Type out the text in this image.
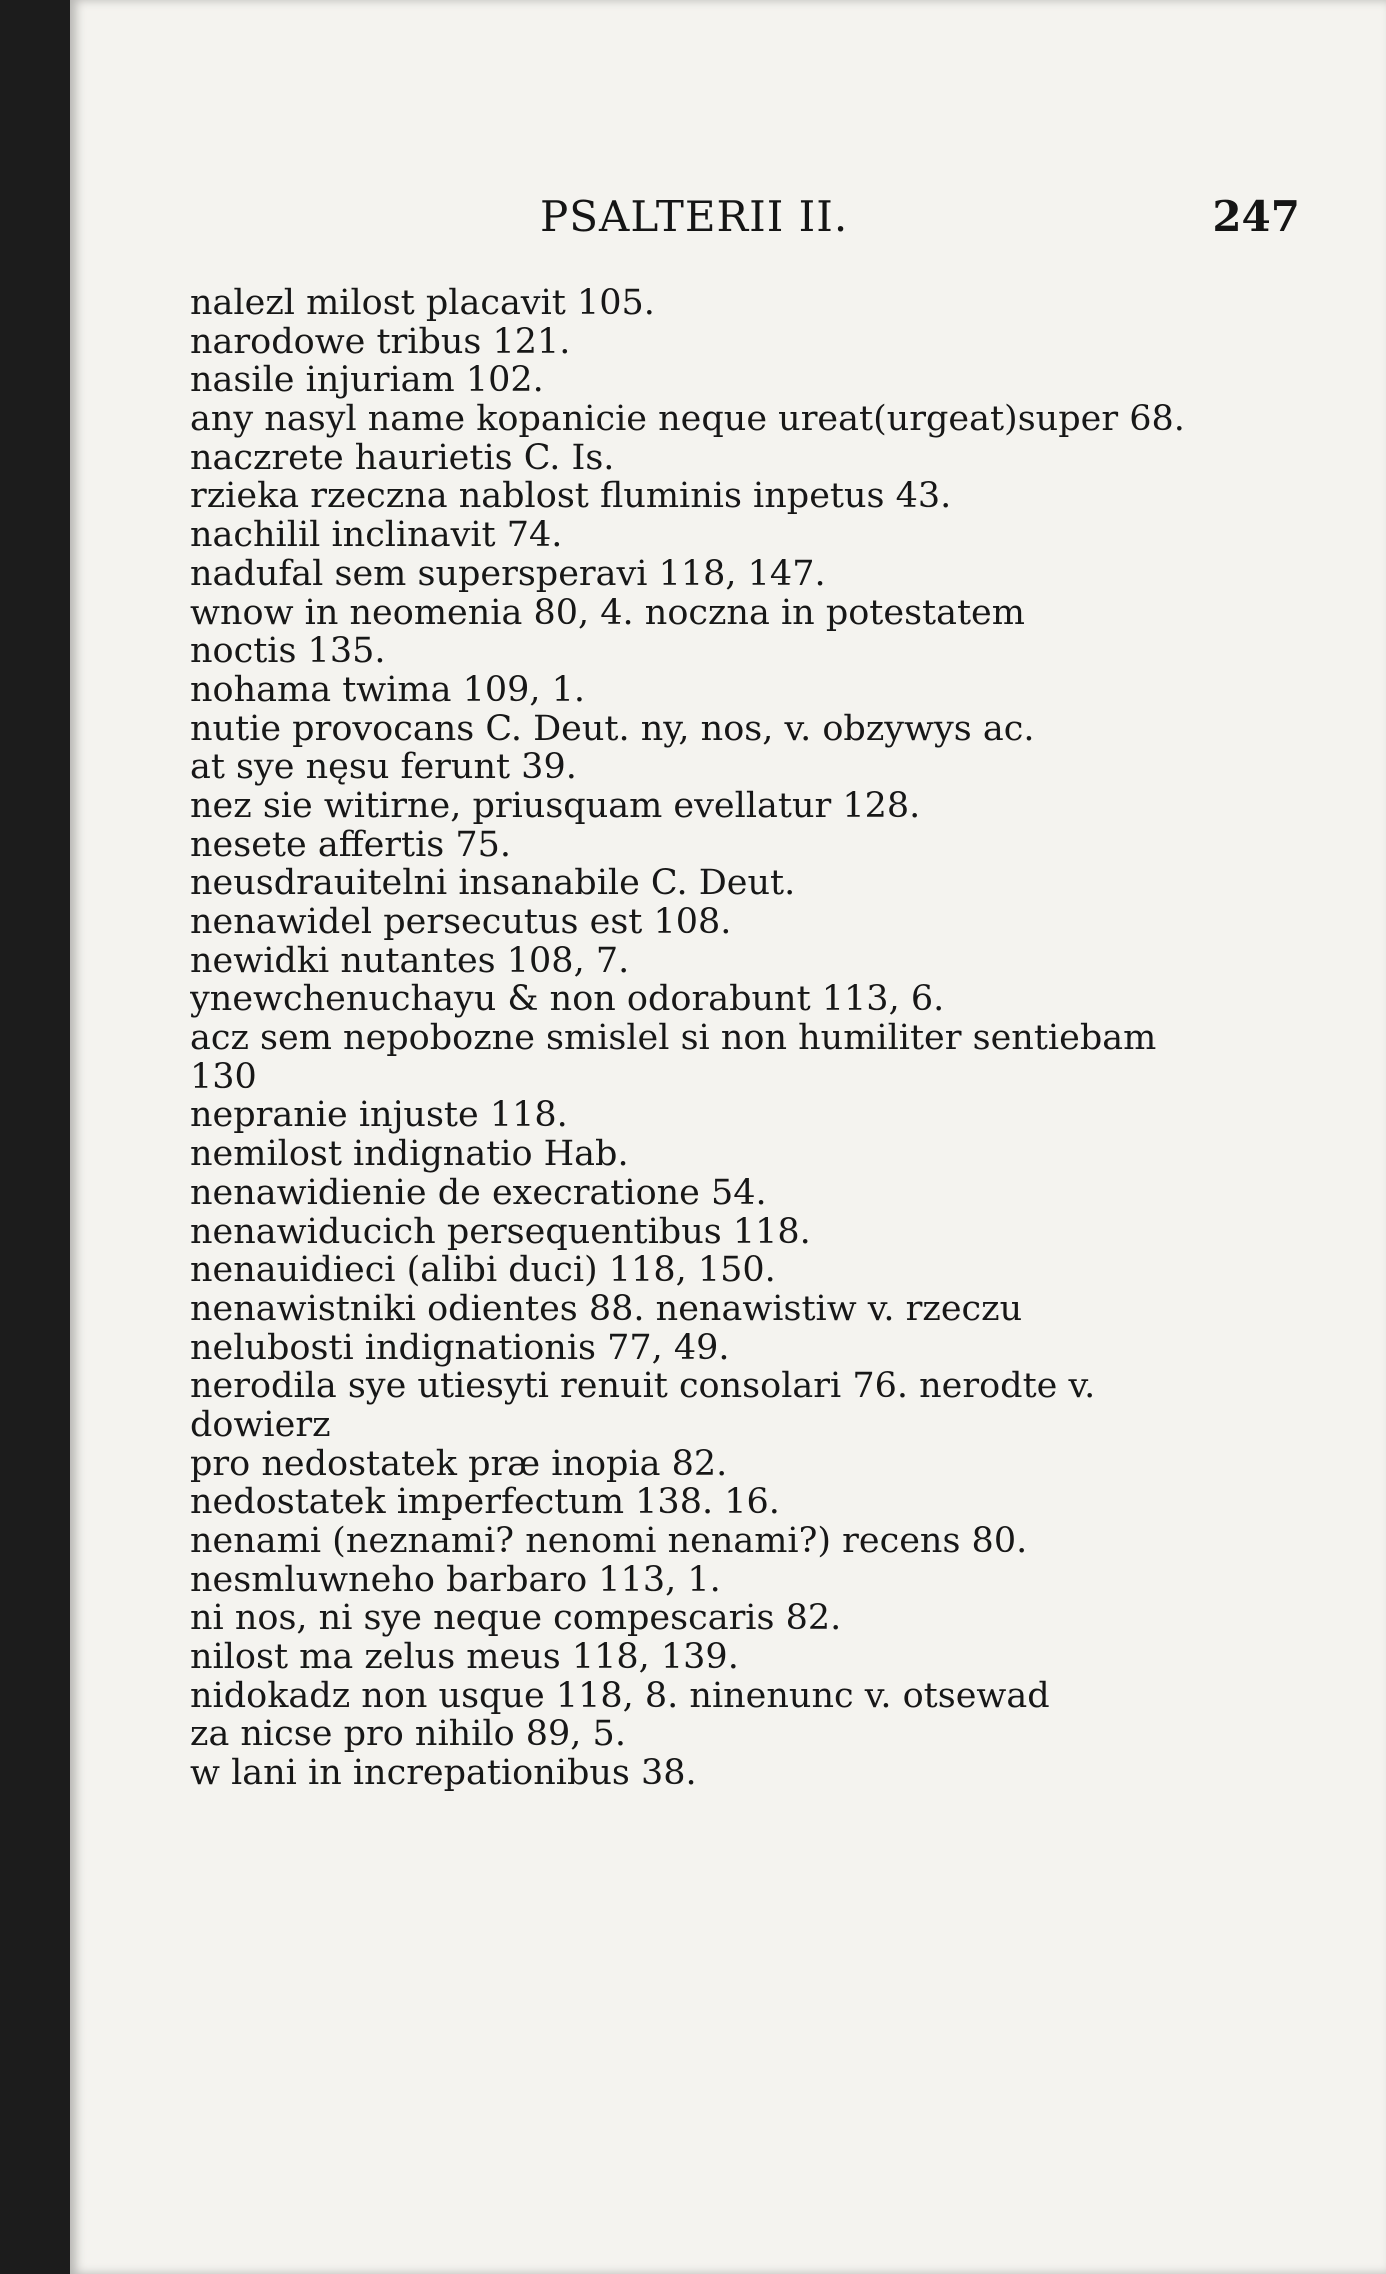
PSALTERII II.	247
nalezl milost placavit 105.
narodowe tribus 121.
nasile injuriam 102.
any nasyl name kopanicie neque ureat(urgeat)super 68.
naczrete haurietis C. Is.
rzieka rzeczna nablost fluminis inpetus 43.
nachilil inclinavit 74.
nadufal sem supersperavi 118, 147.
wnow in neomenia 80, 4. noczna in potestatem
noctis 135.
nohama twima 109, 1.
nutie provocans C. Deut. ny, nos, v. obzywys ac.
at sye nęsu ferunt 39.
nez sie witirne, priusquam evellatur 128.
nesete affertis 75.
neusdrauitelni insanabile C. Deut.
nenawidel persecutus est 108.
newidki nutantes 108, 7.
ynewchenuchayu & non odorabunt 113, 6.
acz sem nepobozne smislel si non humiliter sentiebam
130
nepranie injuste 118.
nemilost indignatio Hab.
nenawidienie de execratione 54.
nenawiducich persequentibus 118.
nenauidieci (alibi duci) 118, 150.
nenawistniki odientes 88. nenawistiw v. rzeczu
nelubosti indignationis 77, 49.
nerodila sye utiesyti renuit consolari 76. nerodte v.
dowierz
pro nedostatek præ inopia 82.
nedostatek imperfectum 138. 16.
nenami (neznami? nenomi nenami?) recens 80.
nesmluwneho barbaro 113, 1.
ni nos, ni sye neque compescaris 82.
nilost ma zelus meus 118, 139.
nidokadz non usque 118, 8. ninenunc v. otsewad
za nicse pro nihilo 89, 5.
w lani in increpationibus 38.
